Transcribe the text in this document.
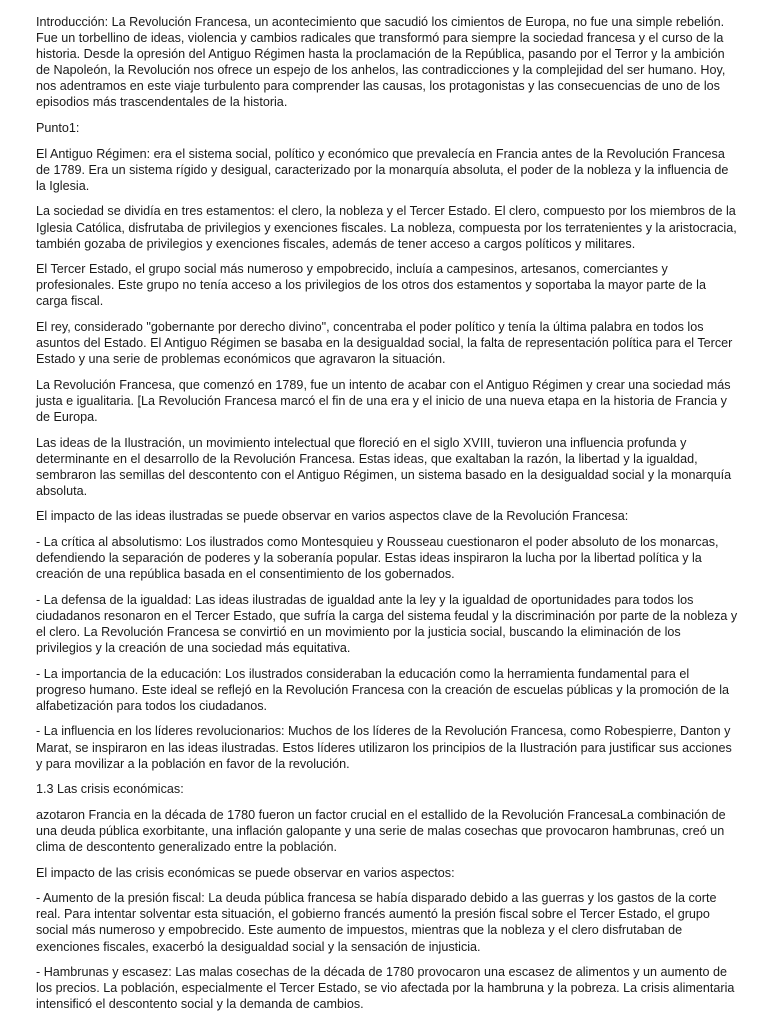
Introducción: La Revolución Francesa, un acontecimiento que sacudió los cimientos de Europa, no fue una simple rebelión. Fue un torbellino de ideas, violencia y cambios radicales que transformó para siempre la sociedad francesa y el curso de la historia. Desde la opresión del Antiguo Régimen hasta la proclamación de la República, pasando por el Terror y la ambición de Napoleón, la Revolución nos ofrece un espejo de los anhelos, las contradicciones y la complejidad del ser humano. Hoy, nos adentramos en este viaje turbulento para comprender las causas, los protagonistas y las consecuencias de uno de los episodios más trascendentales de la historia.

Punto1:

El Antiguo Régimen: era el sistema social, político y económico que prevalecía en Francia antes de la Revolución Francesa de 1789. Era un sistema rígido y desigual, caracterizado por la monarquía absoluta, el poder de la nobleza y la influencia de la Iglesia.

La sociedad se dividía en tres estamentos: el clero, la nobleza y el Tercer Estado. El clero, compuesto por los miembros de la Iglesia Católica, disfrutaba de privilegios y exenciones fiscales. La nobleza, compuesta por los terratenientes y la aristocracia, también gozaba de privilegios y exenciones fiscales, además de tener acceso a cargos políticos y militares.

El Tercer Estado, el grupo social más numeroso y empobrecido, incluía a campesinos, artesanos, comerciantes y profesionales. Este grupo no tenía acceso a los privilegios de los otros dos estamentos y soportaba la mayor parte de la carga fiscal.

El rey, considerado "gobernante por derecho divino", concentraba el poder político y tenía la última palabra en todos los asuntos del Estado. El Antiguo Régimen se basaba en la desigualdad social, la falta de representación política para el Tercer Estado y una serie de problemas económicos que agravaron la situación.

La Revolución Francesa, que comenzó en 1789, fue un intento de acabar con el Antiguo Régimen y crear una sociedad más justa e igualitaria. [La Revolución Francesa marcó el fin de una era y el inicio de una nueva etapa en la historia de Francia y de Europa.

Las ideas de la Ilustración, un movimiento intelectual que floreció en el siglo XVIII, tuvieron una influencia profunda y determinante en el desarrollo de la Revolución Francesa. Estas ideas, que exaltaban la razón, la libertad y la igualdad, sembraron las semillas del descontento con el Antiguo Régimen, un sistema basado en la desigualdad social y la monarquía absoluta.

El impacto de las ideas ilustradas se puede observar en varios aspectos clave de la Revolución Francesa:

- La crítica al absolutismo: Los ilustrados como Montesquieu y Rousseau cuestionaron el poder absoluto de los monarcas, defendiendo la separación de poderes y la soberanía popular. Estas ideas inspiraron la lucha por la libertad política y la creación de una república basada en el consentimiento de los gobernados.

- La defensa de la igualdad: Las ideas ilustradas de igualdad ante la ley y la igualdad de oportunidades para todos los ciudadanos resonaron en el Tercer Estado, que sufría la carga del sistema feudal y la discriminación por parte de la nobleza y el clero. La Revolución Francesa se convirtió en un movimiento por la justicia social, buscando la eliminación de los privilegios y la creación de una sociedad más equitativa.

- La importancia de la educación: Los ilustrados consideraban la educación como la herramienta fundamental para el progreso humano. Este ideal se reflejó en la Revolución Francesa con la creación de escuelas públicas y la promoción de la alfabetización para todos los ciudadanos.

- La influencia en los líderes revolucionarios: Muchos de los líderes de la Revolución Francesa, como Robespierre, Danton y Marat, se inspiraron en las ideas ilustradas. Estos líderes utilizaron los principios de la Ilustración para justificar sus acciones y para movilizar a la población en favor de la revolución.

1.3 Las crisis económicas:

azotaron Francia en la década de 1780 fueron un factor crucial en el estallido de la Revolución FrancesaLa combinación de una deuda pública exorbitante, una inflación galopante y una serie de malas cosechas que provocaron hambrunas, creó un clima de descontento generalizado entre la población.

El impacto de las crisis económicas se puede observar en varios aspectos:

- Aumento de la presión fiscal: La deuda pública francesa se había disparado debido a las guerras y los gastos de la corte real. Para intentar solventar esta situación, el gobierno francés aumentó la presión fiscal sobre el Tercer Estado, el grupo social más numeroso y empobrecido. Este aumento de impuestos, mientras que la nobleza y el clero disfrutaban de exenciones fiscales, exacerbó la desigualdad social y la sensación de injusticia.

- Hambrunas y escasez: Las malas cosechas de la década de 1780 provocaron una escasez de alimentos y un aumento de los precios. La población, especialmente el Tercer Estado, se vio afectada por la hambruna y la pobreza. La crisis alimentaria intensificó el descontento social y la demanda de cambios.
